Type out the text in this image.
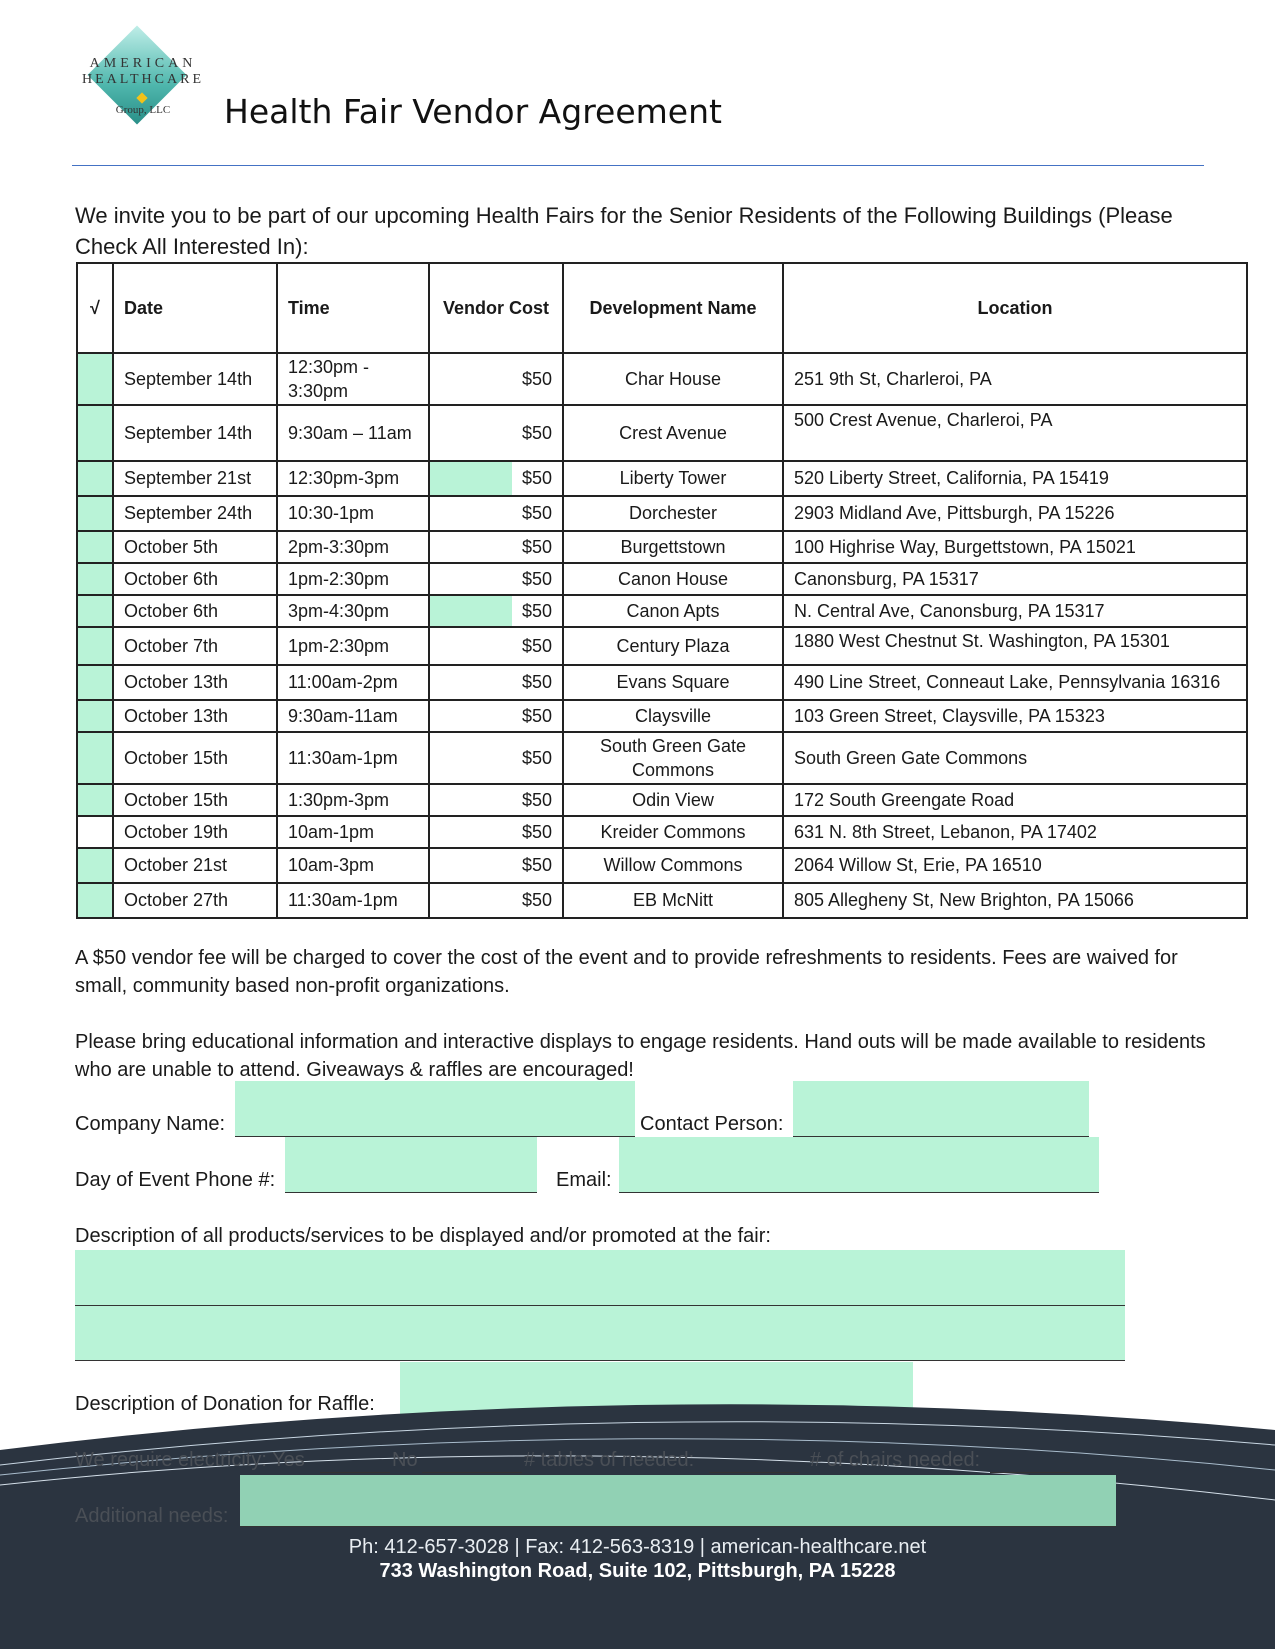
AMERICAN
HEALTHCARE
Group, LLC	Health Fair Vendor Agreement
We invite you to be part of our upcoming Health Fairs for the Senior Residents of the Following Buildings (Please Check All Interested In):
√	Date	Time	Vendor Cost	Development Name	Location
	September 14th	12:30pm - 3:30pm	$50	Char House	251 9th St, Charleroi, PA
	September 14th	9:30am – 11am	$50	Crest Avenue	500 Crest Avenue, Charleroi, PA
	September 21st	12:30pm-3pm	$50	Liberty Tower	520 Liberty Street, California, PA 15419
	September 24th	10:30-1pm	$50	Dorchester	2903 Midland Ave, Pittsburgh, PA 15226
	October 5th	2pm-3:30pm	$50	Burgettstown	100 Highrise Way, Burgettstown, PA 15021
	October 6th	1pm-2:30pm	$50	Canon House	Canonsburg, PA 15317
	October 6th	3pm-4:30pm	$50	Canon Apts	N. Central Ave, Canonsburg, PA 15317
	October 7th	1pm-2:30pm	$50	Century Plaza	1880 West Chestnut St. Washington, PA 15301
	October 13th	11:00am-2pm	$50	Evans Square	490 Line Street, Conneaut Lake, Pennsylvania 16316
	October 13th	9:30am-11am	$50	Claysville	103 Green Street, Claysville, PA 15323
	October 15th	11:30am-1pm	$50	South Green Gate Commons	South Green Gate Commons
	October 15th	1:30pm-3pm	$50	Odin View	172 South Greengate Road
	October 19th	10am-1pm	$50	Kreider Commons	631 N. 8th Street, Lebanon, PA 17402
	October 21st	10am-3pm	$50	Willow Commons	2064 Willow St, Erie, PA 16510
	October 27th	11:30am-1pm	$50	EB McNitt	805 Allegheny St, New Brighton, PA 15066
A $50 vendor fee will be charged to cover the cost of the event and to provide refreshments to residents. Fees are waived for small, community based non-profit organizations.
Please bring educational information and interactive displays to engage residents. Hand outs will be made available to residents who are unable to attend. Giveaways & raffles are encouraged!
Company Name:	Contact Person:
Day of Event Phone #:	Email:
Description of all products/services to be displayed and/or promoted at the fair:
Description of Donation for Raffle:
We require electricity: Yes	No	# tables of needed:	# of chairs needed:
Additional needs:
Ph: 412-657-3028 | Fax: 412-563-8319 | american-healthcare.net
733 Washington Road, Suite 102, Pittsburgh, PA 15228
